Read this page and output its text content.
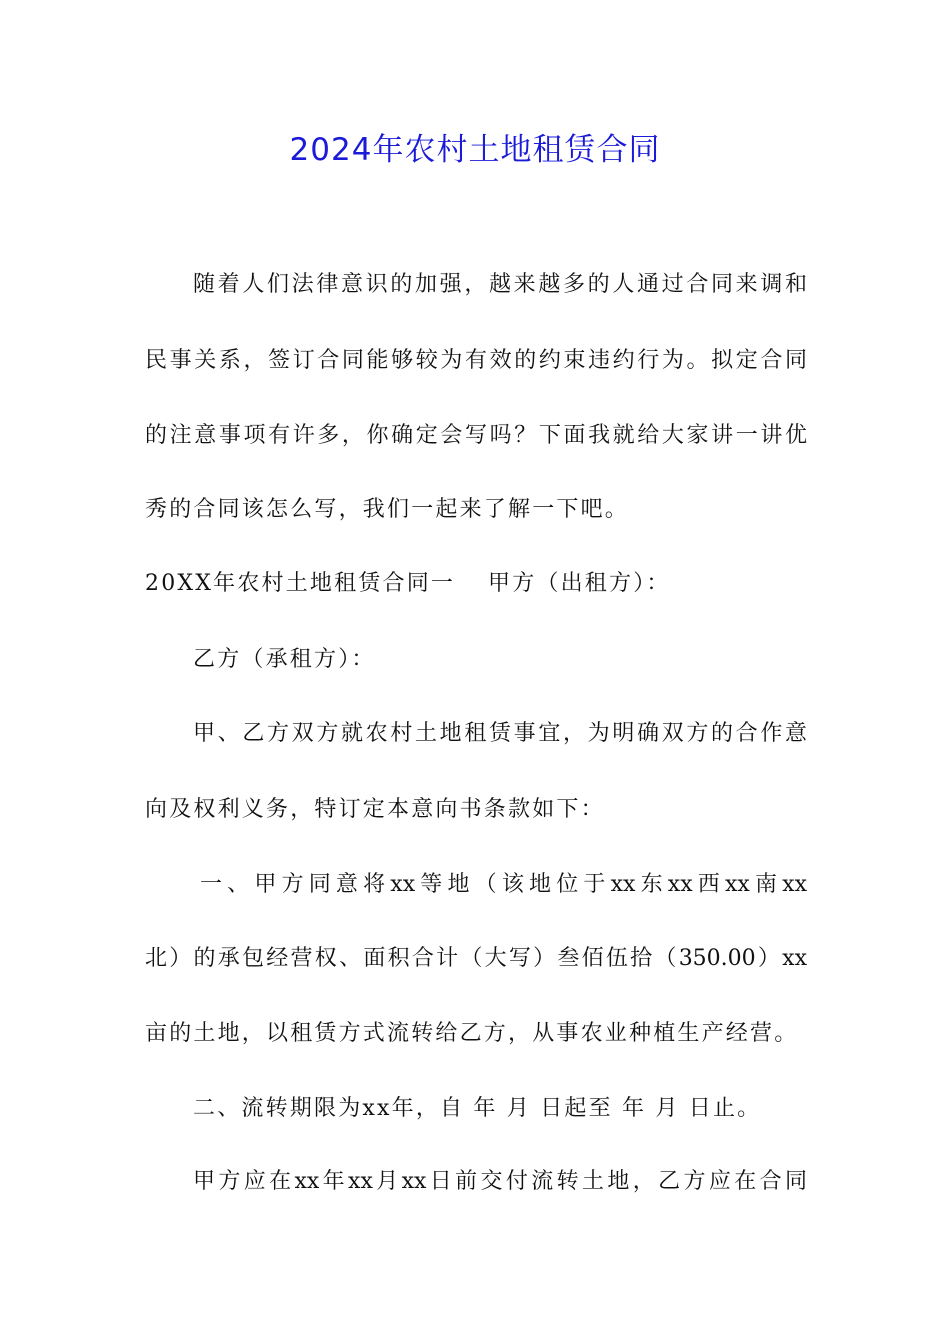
2024年农村土地租赁合同
随着人们法律意识的加强，越来越多的人通过合同来调和
民事关系，签订合同能够较为有效的约束违约行为。拟定合同
的注意事项有许多，你确定会写吗？下面我就给大家讲一讲优
秀的合同该怎么写，我们一起来了解一下吧。
20XX年农村土地租赁合同一	甲方（出租方）：
乙方（承租方）：
甲、乙方双方就农村土地租赁事宜，为明确双方的合作意
向及权利义务，特订定本意向书条款如下：
一、甲方同意将xx等地（该地位于xx东xx西xx南xx
北）的承包经营权、面积合计（大写）叁佰伍拾（350.00）xx
亩的土地，以租赁方式流转给乙方，从事农业种植生产经营。
二、流转期限为xx年，自 年 月 日起至 年 月 日止。
甲方应在xx年xx月xx日前交付流转土地，乙方应在合同
